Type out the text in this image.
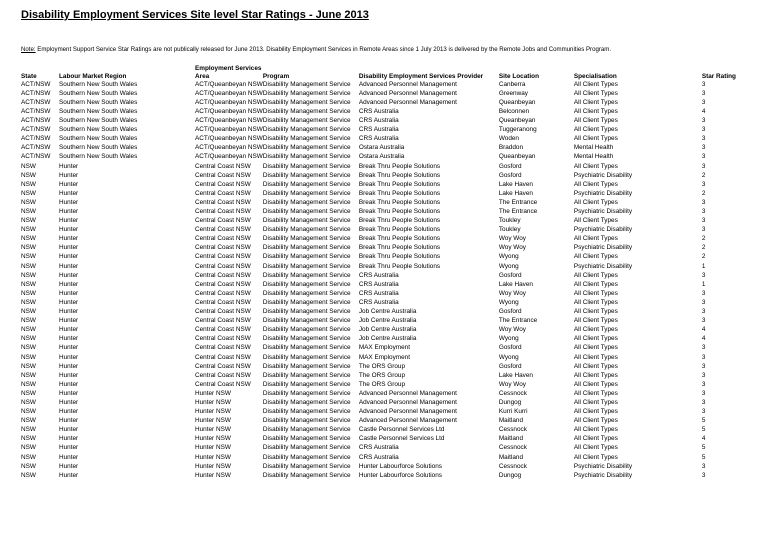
Disability Employment Services Site level Star Ratings - June 2013
Note: Employment Support Service Star Ratings are not publically released for June 2013. Disability Employment Services in Remote Areas since 1 July 2013 is delivered by the Remote Jobs and Communities Program.
State	Labour Market Region	Employment Services Area	Program	Disability Employment Services Provider	Site Location	Specialisation	Star Rating
ACT/NSW	Southern New South Wales	ACT/Queanbeyan NSW	Disability Management Service	Advanced Personnel Management	Canberra	All Client Types	3
ACT/NSW	Southern New South Wales	ACT/Queanbeyan NSW	Disability Management Service	Advanced Personnel Management	Greenway	All Client Types	3
ACT/NSW	Southern New South Wales	ACT/Queanbeyan NSW	Disability Management Service	Advanced Personnel Management	Queanbeyan	All Client Types	3
ACT/NSW	Southern New South Wales	ACT/Queanbeyan NSW	Disability Management Service	CRS Australia	Belconnen	All Client Types	4
ACT/NSW	Southern New South Wales	ACT/Queanbeyan NSW	Disability Management Service	CRS Australia	Queanbeyan	All Client Types	3
ACT/NSW	Southern New South Wales	ACT/Queanbeyan NSW	Disability Management Service	CRS Australia	Tuggeranong	All Client Types	3
ACT/NSW	Southern New South Wales	ACT/Queanbeyan NSW	Disability Management Service	CRS Australia	Woden	All Client Types	3
ACT/NSW	Southern New South Wales	ACT/Queanbeyan NSW	Disability Management Service	Ostara Australia	Braddon	Mental Health	3
ACT/NSW	Southern New South Wales	ACT/Queanbeyan NSW	Disability Management Service	Ostara Australia	Queanbeyan	Mental Health	3
NSW	Hunter	Central Coast NSW	Disability Management Service	Break Thru People Solutions	Gosford	All Client Types	3
NSW	Hunter	Central Coast NSW	Disability Management Service	Break Thru People Solutions	Gosford	Psychiatric Disability	2
NSW	Hunter	Central Coast NSW	Disability Management Service	Break Thru People Solutions	Lake Haven	All Client Types	3
NSW	Hunter	Central Coast NSW	Disability Management Service	Break Thru People Solutions	Lake Haven	Psychiatric Disability	2
NSW	Hunter	Central Coast NSW	Disability Management Service	Break Thru People Solutions	The Entrance	All Client Types	3
NSW	Hunter	Central Coast NSW	Disability Management Service	Break Thru People Solutions	The Entrance	Psychiatric Disability	3
NSW	Hunter	Central Coast NSW	Disability Management Service	Break Thru People Solutions	Toukley	All Client Types	3
NSW	Hunter	Central Coast NSW	Disability Management Service	Break Thru People Solutions	Toukley	Psychiatric Disability	3
NSW	Hunter	Central Coast NSW	Disability Management Service	Break Thru People Solutions	Woy Woy	All Client Types	2
NSW	Hunter	Central Coast NSW	Disability Management Service	Break Thru People Solutions	Woy Woy	Psychiatric Disability	2
NSW	Hunter	Central Coast NSW	Disability Management Service	Break Thru People Solutions	Wyong	All Client Types	2
NSW	Hunter	Central Coast NSW	Disability Management Service	Break Thru People Solutions	Wyong	Psychiatric Disability	1
NSW	Hunter	Central Coast NSW	Disability Management Service	CRS Australia	Gosford	All Client Types	3
NSW	Hunter	Central Coast NSW	Disability Management Service	CRS Australia	Lake Haven	All Client Types	1
NSW	Hunter	Central Coast NSW	Disability Management Service	CRS Australia	Woy Woy	All Client Types	3
NSW	Hunter	Central Coast NSW	Disability Management Service	CRS Australia	Wyong	All Client Types	3
NSW	Hunter	Central Coast NSW	Disability Management Service	Job Centre Australia	Gosford	All Client Types	3
NSW	Hunter	Central Coast NSW	Disability Management Service	Job Centre Australia	The Entrance	All Client Types	3
NSW	Hunter	Central Coast NSW	Disability Management Service	Job Centre Australia	Woy Woy	All Client Types	4
NSW	Hunter	Central Coast NSW	Disability Management Service	Job Centre Australia	Wyong	All Client Types	4
NSW	Hunter	Central Coast NSW	Disability Management Service	MAX Employment	Gosford	All Client Types	3
NSW	Hunter	Central Coast NSW	Disability Management Service	MAX Employment	Wyong	All Client Types	3
NSW	Hunter	Central Coast NSW	Disability Management Service	The ORS Group	Gosford	All Client Types	3
NSW	Hunter	Central Coast NSW	Disability Management Service	The ORS Group	Lake Haven	All Client Types	3
NSW	Hunter	Central Coast NSW	Disability Management Service	The ORS Group	Woy Woy	All Client Types	3
NSW	Hunter	Hunter NSW	Disability Management Service	Advanced Personnel Management	Cessnock	All Client Types	3
NSW	Hunter	Hunter NSW	Disability Management Service	Advanced Personnel Management	Dungog	All Client Types	3
NSW	Hunter	Hunter NSW	Disability Management Service	Advanced Personnel Management	Kurri Kurri	All Client Types	3
NSW	Hunter	Hunter NSW	Disability Management Service	Advanced Personnel Management	Maitland	All Client Types	5
NSW	Hunter	Hunter NSW	Disability Management Service	Castle Personnel Services Ltd	Cessnock	All Client Types	5
NSW	Hunter	Hunter NSW	Disability Management Service	Castle Personnel Services Ltd	Maitland	All Client Types	4
NSW	Hunter	Hunter NSW	Disability Management Service	CRS Australia	Cessnock	All Client Types	5
NSW	Hunter	Hunter NSW	Disability Management Service	CRS Australia	Maitland	All Client Types	5
NSW	Hunter	Hunter NSW	Disability Management Service	Hunter Labourforce Solutions	Cessnock	Psychiatric Disability	3
NSW	Hunter	Hunter NSW	Disability Management Service	Hunter Labourforce Solutions	Dungog	Psychiatric Disability	3
